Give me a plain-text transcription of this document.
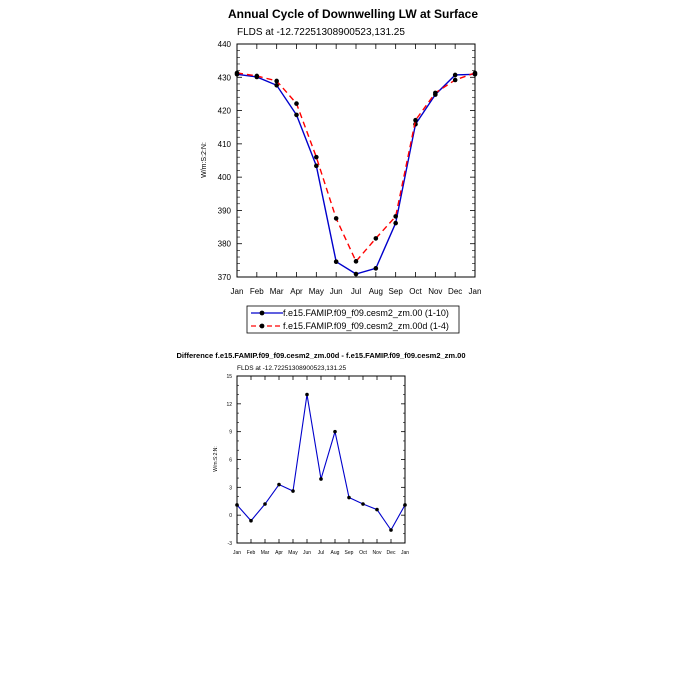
Annual Cycle of Downwelling LW at Surface
FLDS at -12.72251308900523,131.25
W/m:S:2:N:
Jan Feb Mar Apr May Jun Jul Aug Sep Oct Nov Dec Jan
370
380
390
400
410
420
430
440
f.e15.FAMIP.f09_f09.cesm2_zm.00 (1-10)
f.e15.FAMIP.f09_f09.cesm2_zm.00d (1-4)
Difference f.e15.FAMIP.f09_f09.cesm2_zm.00d - f.e15.FAMIP.f09_f09.cesm2_zm.00
FLDS at -12.72251308900523,131.25
W/m:S:2:N:
Jan Feb Mar Apr May Jun Jul Aug Sep Oct Nov Dec Jan
-3
0
3
6
9
12
15
